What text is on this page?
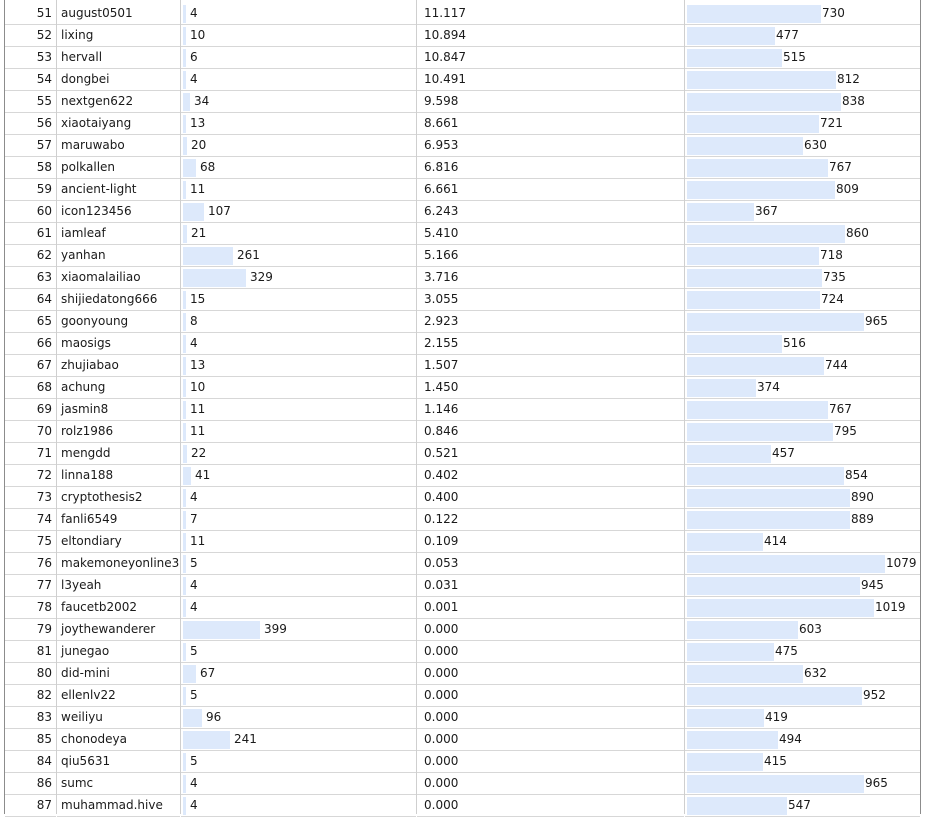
51 august0501	4	11.117	730
52 lixing	10	10.894	477
53 hervall	6	10.847	515
54 dongbei	4	10.491	812
55 nextgen622	34	9.598	838
56 xiaotaiyang	13	8.661	721
57 maruwabo	20	6.953	630
58 polkallen	68	6.816	767
59 ancient-light	11	6.661	809
60 icon123456	107	6.243	367
61 iamleaf	21	5.410	860
62 yanhan	261	5.166	718
63 xiaomalailiao	329	3.716	735
64 shijiedatong666	15	3.055	724
65 goonyoung	8	2.923	965
66 maosigs	4	2.155	516
67 zhujiabao	13	1.507	744
68 achung	10	1.450	374
69 jasmin8	11	1.146	767
70 rolz1986	11	0.846	795
71 mengdd	22	0.521	457
72 linna188	41	0.402	854
73 cryptothesis2	4	0.400	890
74 fanli6549	7	0.122	889
75 eltondiary	11	0.109	414
76 makemoneyonline3 5	0.053	1079
77 l3yeah	4	0.031	945
78 faucetb2002	4	0.001	1019
79 joythewanderer	399	0.000	603
81 junegao	5	0.000	475
80 did-mini	67	0.000	632
82 ellenlv22	5	0.000	952
83 weiliyu	96	0.000	419
85 chonodeya	241	0.000	494
84 qiu5631	5	0.000	415
86 sumc	4	0.000	965
87 muhammad.hive 4	0.000	547
